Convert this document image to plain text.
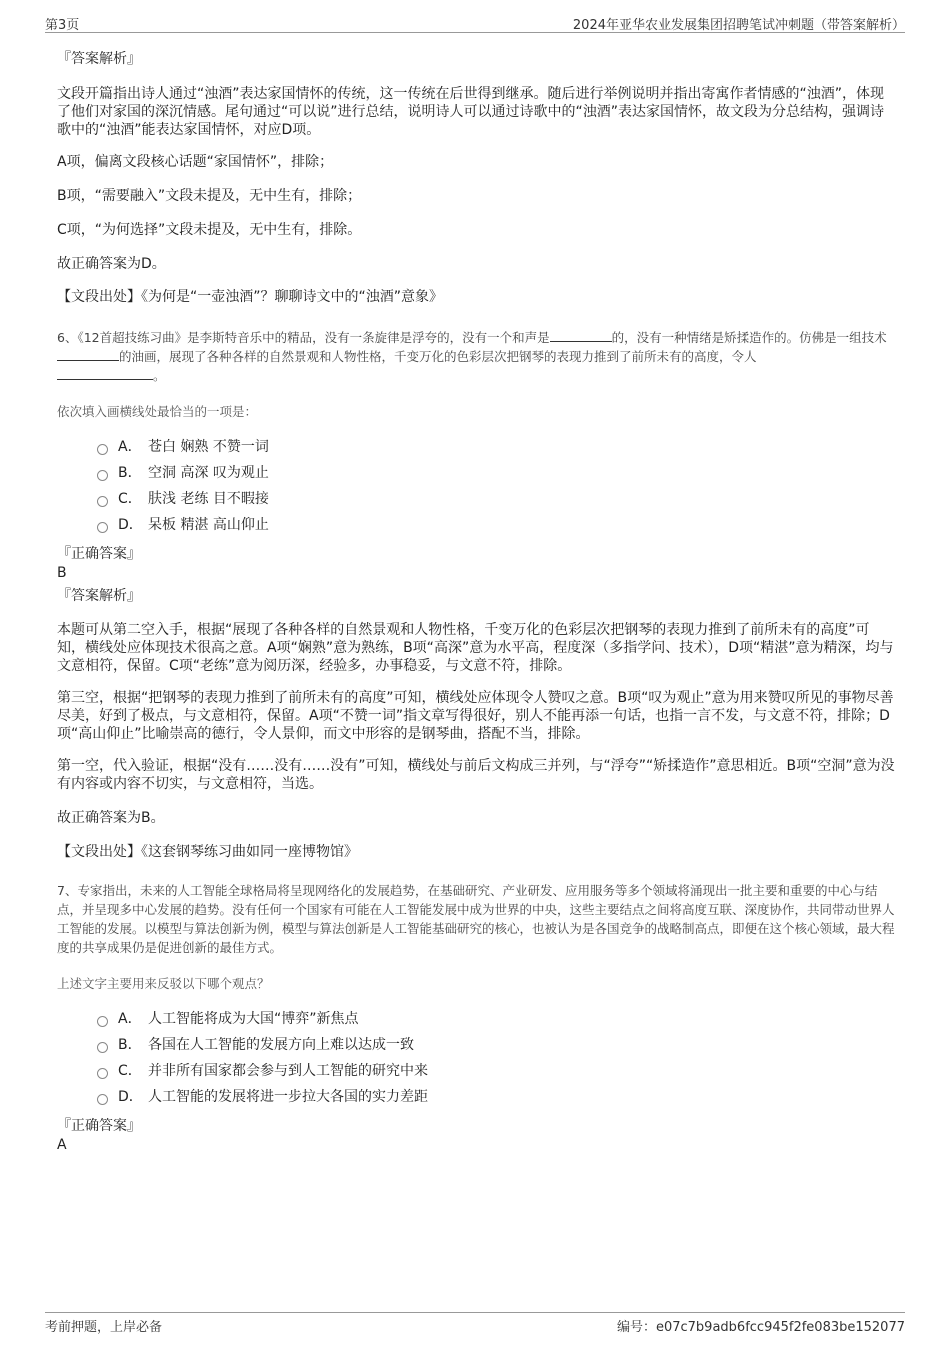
第3页	2024年亚华农业发展集团招聘笔试冲刺题（带答案解析）

『答案解析』

文段开篇指出诗人通过“浊酒”表达家国情怀的传统，这一传统在后世得到继承。随后进行举例说明并指出寄寓作者情感的“浊酒”，体现了他们对家国的深沉情感。尾句通过“可以说”进行总结，说明诗人可以通过诗歌中的“浊酒”表达家国情怀，故文段为分总结构，强调诗歌中的“浊酒”能表达家国情怀，对应D项。

A项，偏离文段核心话题“家国情怀”，排除；

B项，“需要融入”文段未提及，无中生有，排除；

C项，“为何选择”文段未提及，无中生有，排除。

故正确答案为D。

【文段出处】《为何是“一壶浊酒”？聊聊诗文中的“浊酒”意象》

6、《12首超技练习曲》是李斯特音乐中的精品，没有一条旋律是浮夸的，没有一个和声是	的，没有一种情绪是矫揉造作的。仿佛是一组技术的油画，展现了各种各样的自然景观和人物性格，千变万化的色彩层次把钢琴的表现力推到了前所未有的高度，令人
。

依次填入画横线处最恰当的一项是：

A． 苍白 娴熟 不赞一词
B． 空洞 高深 叹为观止
C． 肤浅 老练 目不暇接
D． 呆板 精湛 高山仰止

『正确答案』

B

『答案解析』

本题可从第二空入手，根据“展现了各种各样的自然景观和人物性格，千变万化的色彩层次把钢琴的表现力推到了前所未有的高度”可知，横线处应体现技术很高之意。A项“娴熟”意为熟练，B项“高深”意为水平高，程度深（多指学问、技术），D项“精湛”意为精深，均与文意相符，保留。C项“老练”意为阅历深，经验多，办事稳妥，与文意不符，排除。

第三空，根据“把钢琴的表现力推到了前所未有的高度”可知，横线处应体现令人赞叹之意。B项“叹为观止”意为用来赞叹所见的事物尽善尽美，好到了极点，与文意相符，保留。A项“不赞一词”指文章写得很好，别人不能再添一句话，也指一言不发，与文意不符，排除；D项“高山仰止”比喻崇高的德行，令人景仰，而文中形容的是钢琴曲，搭配不当，排除。

第一空，代入验证，根据“没有……没有……没有”可知，横线处与前后文构成三并列，与“浮夸”“矫揉造作”意思相近。B项“空洞”意为没有内容或内容不切实，与文意相符，当选。

故正确答案为B。

【文段出处】《这套钢琴练习曲如同一座博物馆》

7、专家指出，未来的人工智能全球格局将呈现网络化的发展趋势，在基础研究、产业研发、应用服务等多个领域将涌现出一批主要和重要的中心与结点，并呈现多中心发展的趋势。没有任何一个国家有可能在人工智能发展中成为世界的中央，这些主要结点之间将高度互联、深度协作，共同带动世界人工智能的发展。以模型与算法创新为例，模型与算法创新是人工智能基础研究的核心，也被认为是各国竞争的战略制高点，即便在这个核心领域，最大程度的共享成果仍是促进创新的最佳方式。

上述文字主要用来反驳以下哪个观点？

A． 人工智能将成为大国“博弈”新焦点
B． 各国在人工智能的发展方向上难以达成一致
C． 并非所有国家都会参与到人工智能的研究中来
D． 人工智能的发展将进一步拉大各国的实力差距

『正确答案』

A

考前押题，上岸必备	编号：e07c7b9adb6fcc945f2fe083be152077
